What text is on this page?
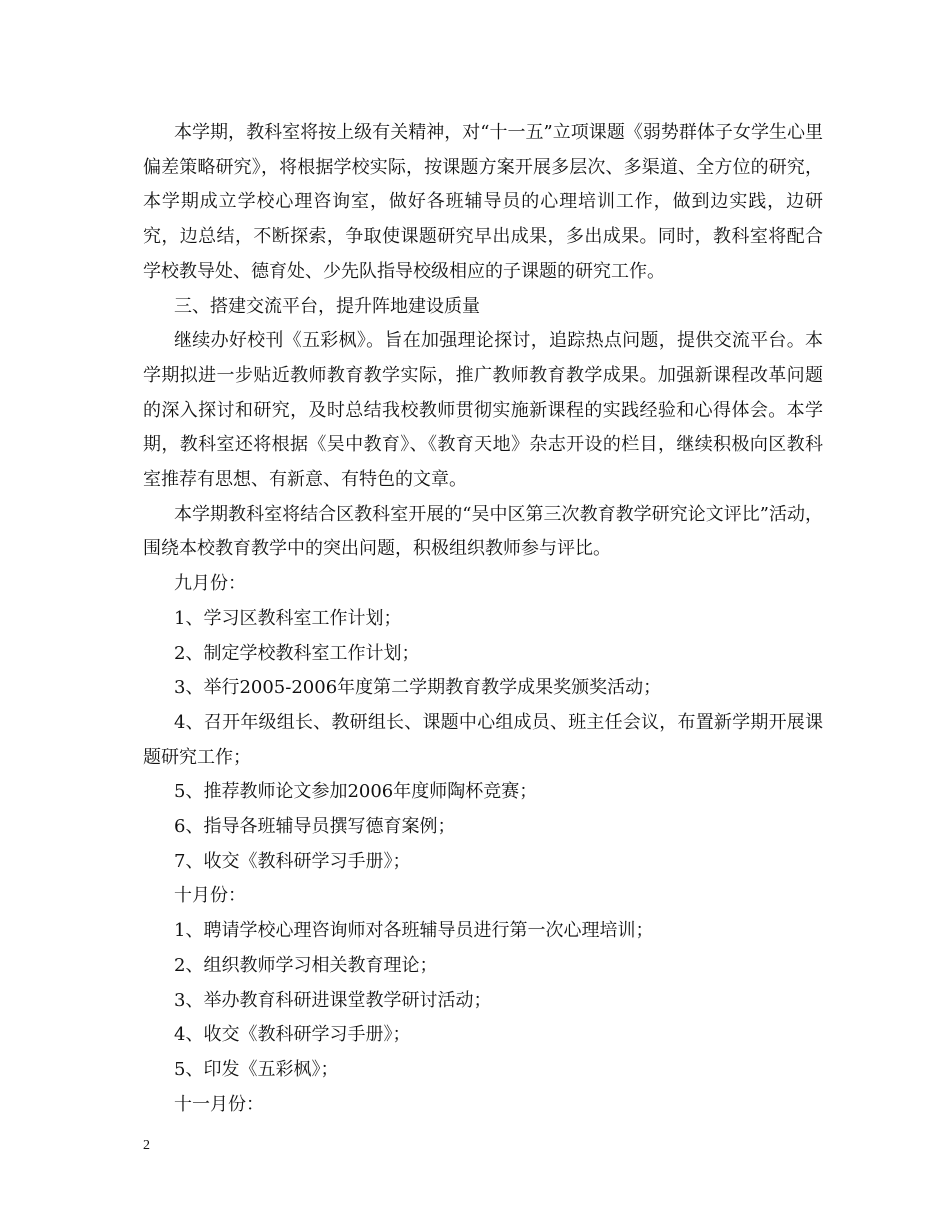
本学期，教科室将按上级有关精神，对“十一五”立项课题《弱势群体子女学生心里偏差策略研究》，将根据学校实际，按课题方案开展多层次、多渠道、全方位的研究，本学期成立学校心理咨询室，做好各班辅导员的心理培训工作，做到边实践，边研究，边总结，不断探索，争取使课题研究早出成果，多出成果。同时，教科室将配合学校教导处、德育处、少先队指导校级相应的子课题的研究工作。

三、搭建交流平台，提升阵地建设质量

继续办好校刊《五彩枫》。旨在加强理论探讨，追踪热点问题，提供交流平台。本学期拟进一步贴近教师教育教学实际，推广教师教育教学成果。加强新课程改革问题的深入探讨和研究，及时总结我校教师贯彻实施新课程的实践经验和心得体会。本学期，教科室还将根据《吴中教育》、《教育天地》杂志开设的栏目，继续积极向区教科室推荐有思想、有新意、有特色的文章。

本学期教科室将结合区教科室开展的“吴中区第三次教育教学研究论文评比”活动，围绕本校教育教学中的突出问题，积极组织教师参与评比。

九月份：

1、学习区教科室工作计划；

2、制定学校教科室工作计划；

3、举行2005-2006年度第二学期教育教学成果奖颁奖活动；

4、召开年级组长、教研组长、课题中心组成员、班主任会议，布置新学期开展课题研究工作；

5、推荐教师论文参加2006年度师陶杯竞赛；

6、指导各班辅导员撰写德育案例；

7、收交《教科研学习手册》；

十月份：

1、聘请学校心理咨询师对各班辅导员进行第一次心理培训；

2、组织教师学习相关教育理论；

3、举办教育科研进课堂教学研讨活动；

4、收交《教科研学习手册》；

5、印发《五彩枫》；

十一月份：

2
